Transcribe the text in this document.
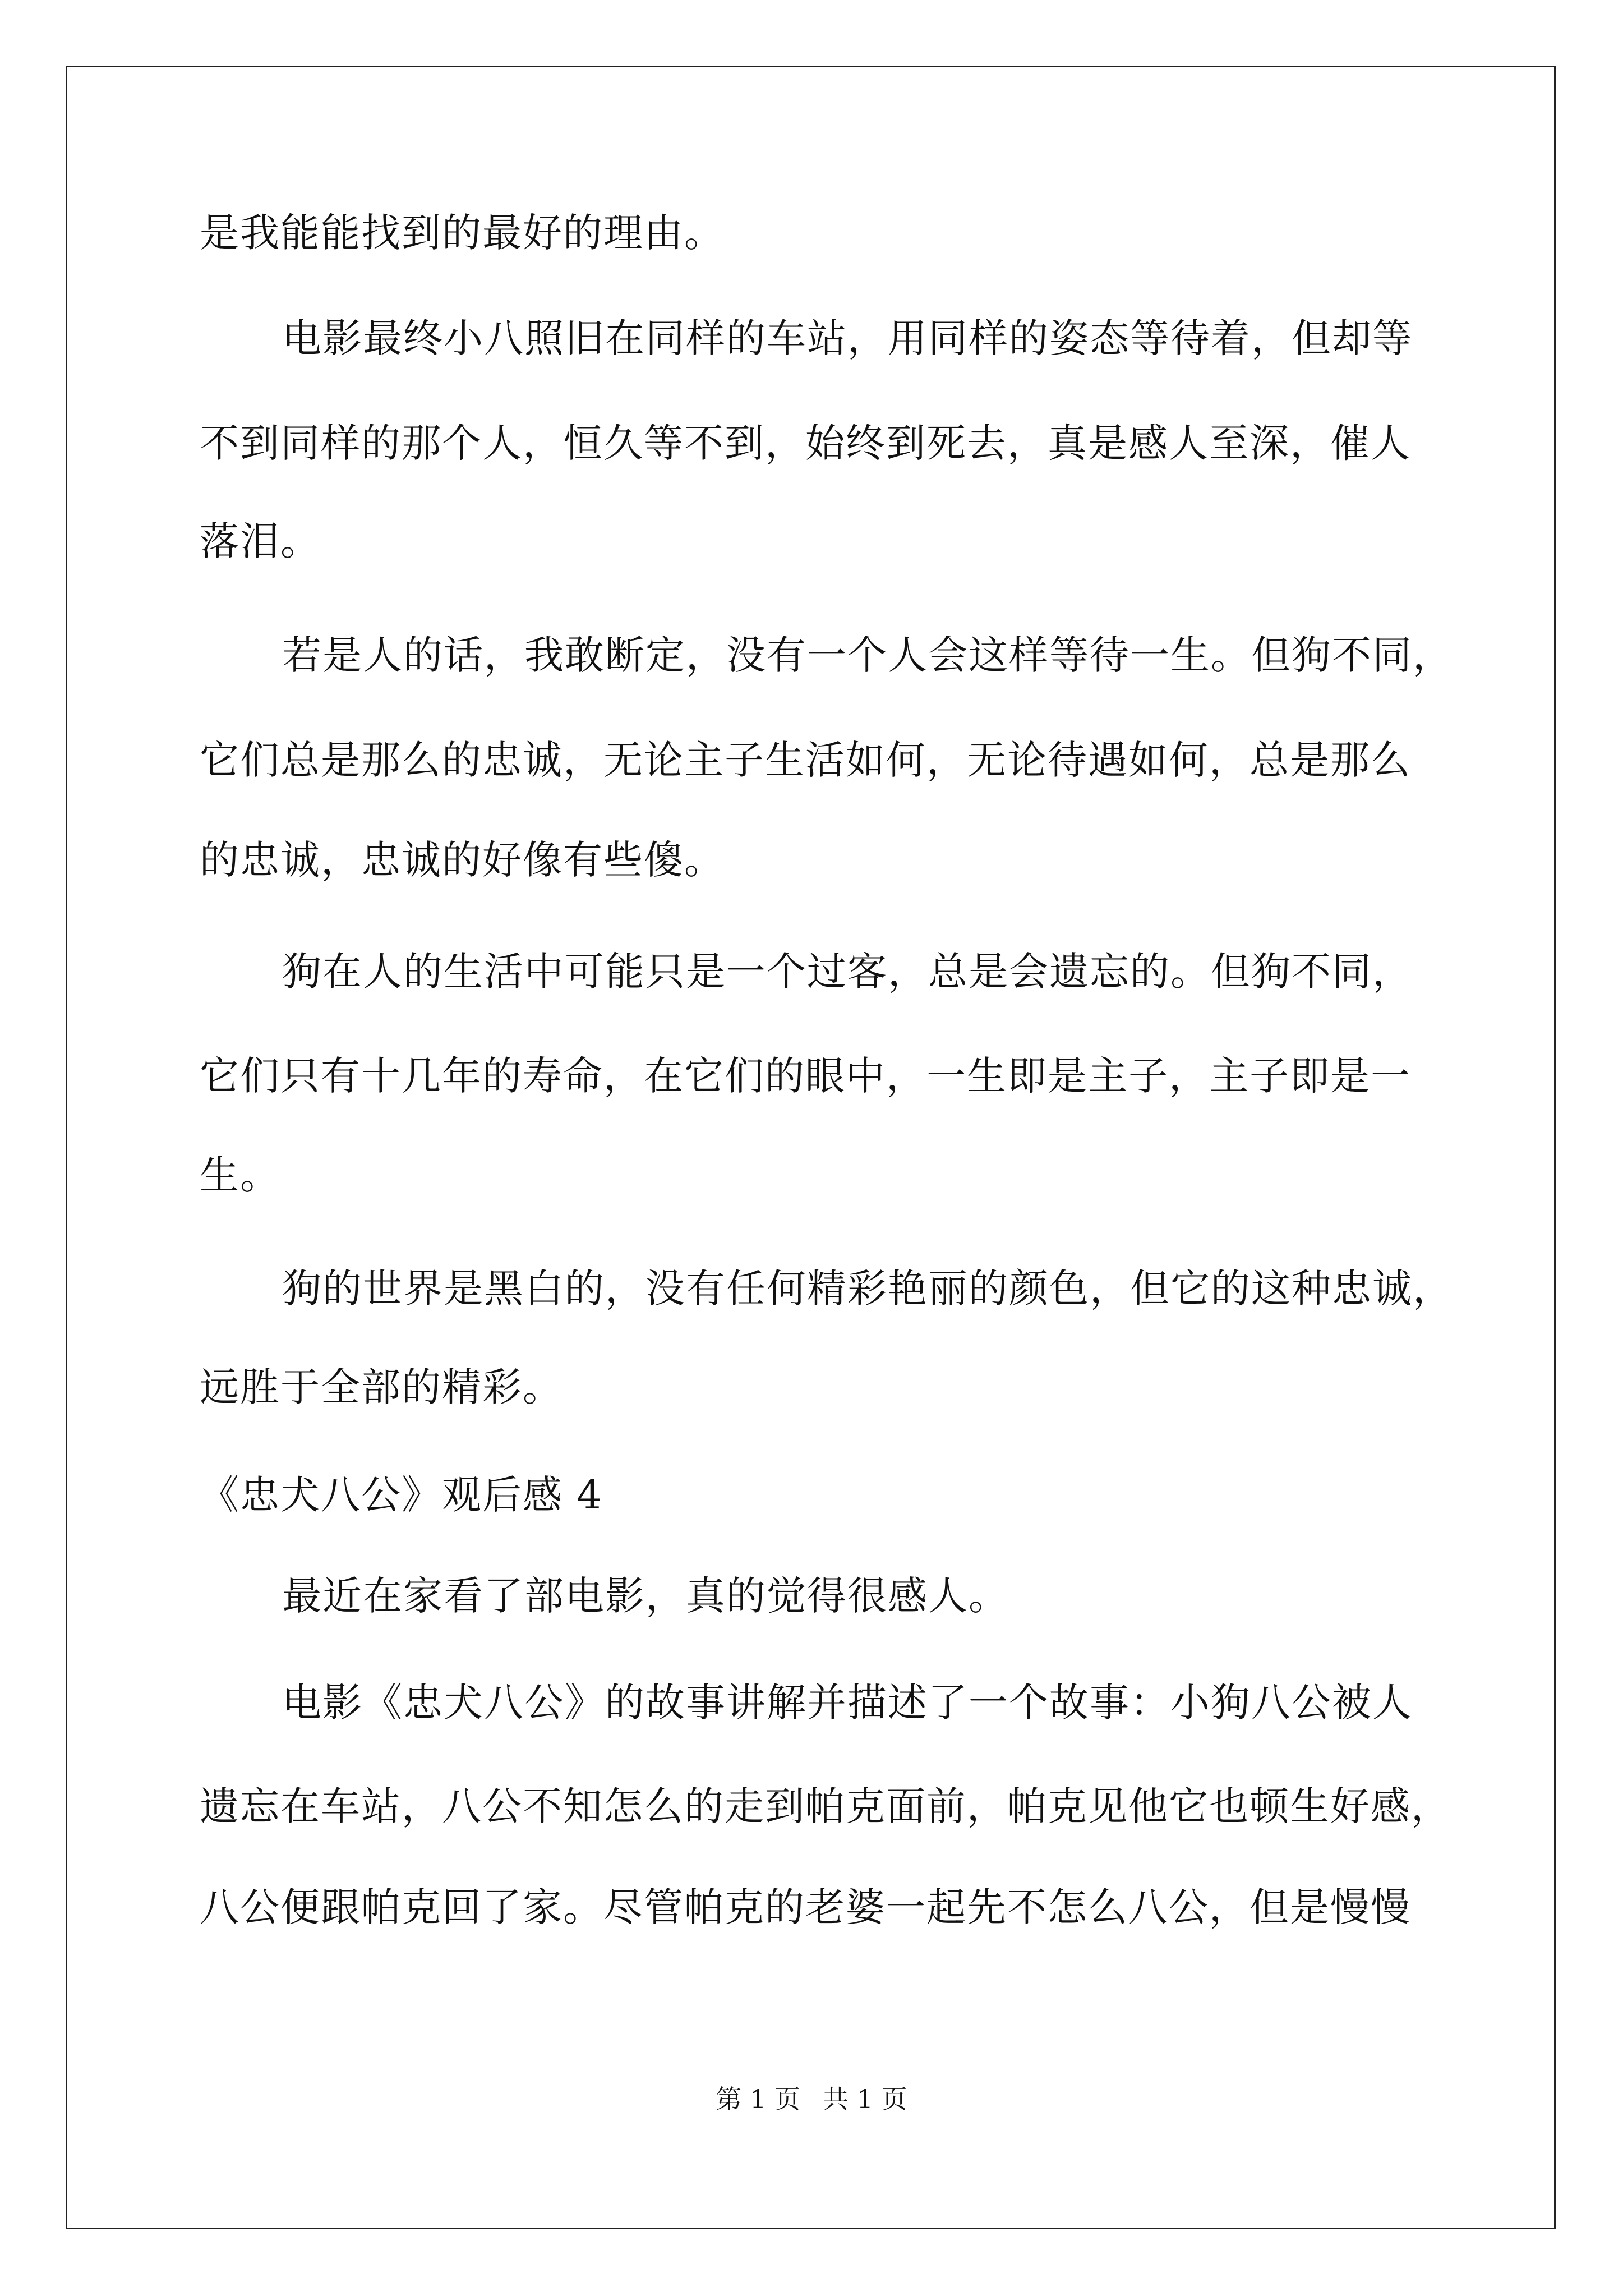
是我能能找到的最好的理由。
电影最终小八照旧在同样的车站，用同样的姿态等待着，但却等
不到同样的那个人，恒久等不到，始终到死去，真是感人至深，催人
落泪。
若是人的话，我敢断定，没有一个人会这样等待一生。但狗不同，
它们总是那么的忠诚，无论主子生活如何，无论待遇如何，总是那么
的忠诚，忠诚的好像有些傻。
狗在人的生活中可能只是一个过客，总是会遗忘的。但狗不同，
它们只有十几年的寿命，在它们的眼中，一生即是主子，主子即是一
生。
狗的世界是黑白的，没有任何精彩艳丽的颜色，但它的这种忠诚，
远胜于全部的精彩。
《忠犬八公》观后感 4
最近在家看了部电影，真的觉得很感人。
电影《忠犬八公》的故事讲解并描述了一个故事：小狗八公被人
遗忘在车站，八公不知怎么的走到帕克面前，帕克见他它也顿生好感，
八公便跟帕克回了家。尽管帕克的老婆一起先不怎么八公，但是慢慢
第 1 页 共 1 页
